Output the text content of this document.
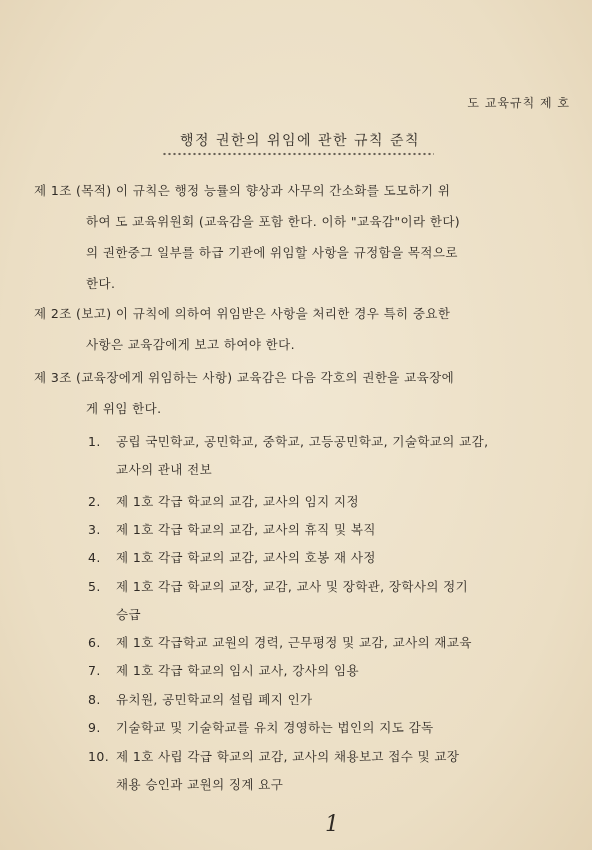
도 교육규칙 제 호
행정 권한의 위임에 관한 규칙 준칙
제 1조 (목적) 이 규칙은 행정 능률의 향상과 사무의 간소화를 도모하기 위
하여 도 교육위원회 (교육감을 포함 한다. 이하 "교육감"이라 한다)
의 권한중그 일부를 하급 기관에 위임할 사항을 규정함을 목적으로
한다.
제 2조 (보고) 이 규칙에 의하여 위임받은 사항을 처리한 경우 특히 중요한
사항은 교육감에게 보고 하여야 한다.
제 3조 (교육장에게 위임하는 사항) 교육감은 다음 각호의 권한을 교육장에
게 위임 한다.
1. 공립 국민학교, 공민학교, 중학교, 고등공민학교, 기술학교의 교감,
교사의 관내 전보
2. 제 1호 각급 학교의 교감, 교사의 임지 지정
3. 제 1호 각급 학교의 교감, 교사의 휴직 및 복직
4. 제 1호 각급 학교의 교감, 교사의 호봉 재 사정
5. 제 1호 각급 학교의 교장, 교감, 교사 및 장학관, 장학사의 정기
승급
6. 제 1호 각급학교 교원의 경력, 근무평정 및 교감, 교사의 재교육
7. 제 1호 각급 학교의 임시 교사, 강사의 임용
8. 유치원, 공민학교의 설립 폐지 인가
9. 기술학교 및 기술학교를 유치 경영하는 법인의 지도 감독
10. 제 1호 사립 각급 학교의 교감, 교사의 채용보고 접수 및 교장
채용 승인과 교원의 징계 요구
1
